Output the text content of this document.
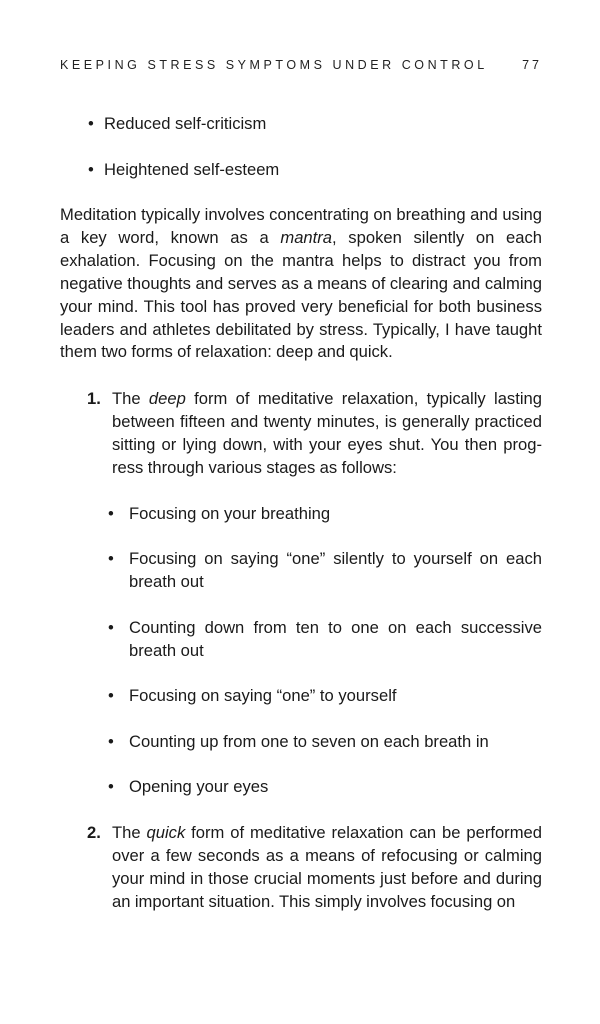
KEEPING STRESS SYMPTOMS UNDER CONTROL	77
• Reduced self-criticism
• Heightened self-esteem

Meditation typically involves concentrating on breathing and using a key word, known as a mantra, spoken silently on each exhalation. Focusing on the mantra helps to distract you from negative thoughts and serves as a means of clearing and calming your mind. This tool has proved very beneficial for both business leaders and athletes debilitated by stress. Typically, I have taught them two forms of relaxation: deep and quick.

1. The deep form of meditative relaxation, typically lasting between fifteen and twenty minutes, is generally practiced sitting or lying down, with your eyes shut. You then progress through various stages as follows:

• Focusing on your breathing
• Focusing on saying “one” silently to yourself on each breath out
• Counting down from ten to one on each successive breath out
• Focusing on saying “one” to yourself
• Counting up from one to seven on each breath in
• Opening your eyes
2. The quick form of meditative relaxation can be performed over a few seconds as a means of refocusing or calming your mind in those crucial moments just before and during an important situation. This simply involves focusing on
